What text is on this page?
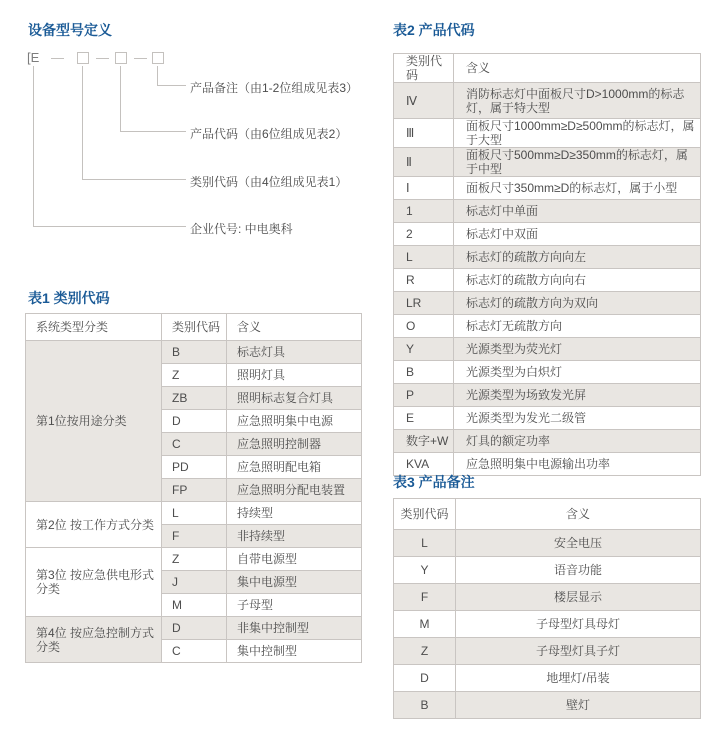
设备型号定义
[E
产品备注（由1-2位组成见表3）
产品代码（由6位组成见表2）
类别代码（由4位组成见表1）
企业代号: 中电奥科
表1 类别代码
系统类型分类	类别代码	含义
第1位按用途分类	B	标志灯具
	Z	照明灯具
	ZB	照明标志复合灯具
	D	应急照明集中电源
	C	应急照明控制器
	PD	应急照明配电箱
	FP	应急照明分配电装置
第2位 按工作方式分类	L	持续型
	F	非持续型
第3位 按应急供电形式分类	Z	自带电源型
	J	集中电源型
	M	子母型
第4位 按应急控制方式分类	D	非集中控制型
	C	集中控制型
表2 产品代码
类别代码	含义
Ⅳ	消防标志灯中面板尺寸D>1000mm的标志灯，属于特大型
Ⅲ	面板尺寸1000mm≥D≥500mm的标志灯，属于大型
Ⅱ	面板尺寸500mm≥D≥350mm的标志灯，属于中型
Ⅰ	面板尺寸350mm≥D的标志灯，属于小型
1	标志灯中单面
2	标志灯中双面
L	标志灯的疏散方向向左
R	标志灯的疏散方向向右
LR	标志灯的疏散方向为双向
O	标志灯无疏散方向
Y	光源类型为荧光灯
B	光源类型为白炽灯
P	光源类型为场致发光屏
E	光源类型为发光二级管
数字+W	灯具的额定功率
KVA	应急照明集中电源输出功率
表3 产品备注
类别代码	含义
L	安全电压
Y	语音功能
F	楼层显示
M	子母型灯具母灯
Z	子母型灯具子灯
D	地埋灯/吊装
B	壁灯
